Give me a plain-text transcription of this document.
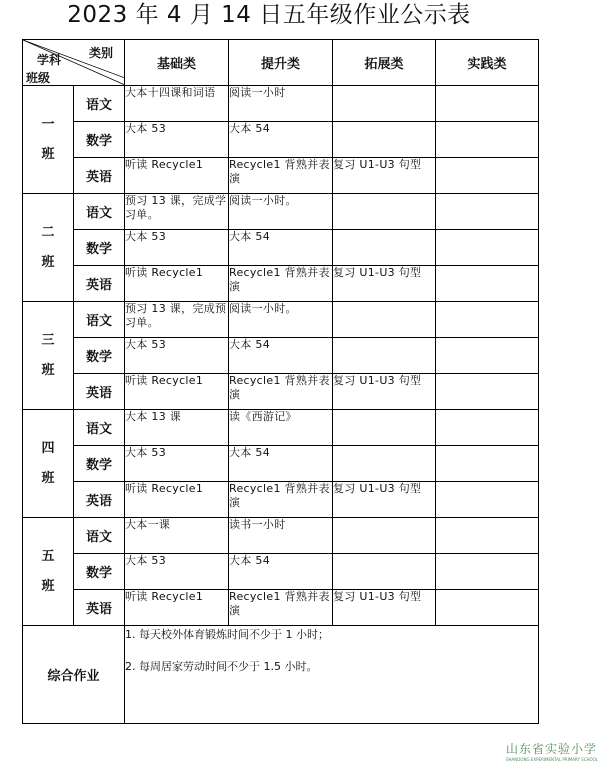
2023 年 4 月 14 日五年级作业公示表
类别
学科
班级		基础类	提升类	拓展类	实践类
一
班	语文	大本十四课和词语	阅读一小时		
	数学	大本 53	大本 54		
	英语	听读 Recycle1	Recycle1 背熟并表演	复习 U1-U3 句型	
二
班	语文	预习 13 课，完成学习单。	阅读一小时。		
	数学	大本 53	大本 54		
	英语	听读 Recycle1	Recycle1 背熟并表演	复习 U1-U3 句型	
三
班	语文	预习 13 课，完成预习单。	阅读一小时。		
	数学	大本 53	大本 54		
	英语	听读 Recycle1	Recycle1 背熟并表演	复习 U1-U3 句型	
四
班	语文	大本 13 课	读《西游记》		
	数学	大本 53	大本 54		
	英语	听读 Recycle1	Recycle1 背熟并表演	复习 U1-U3 句型	
五
班	语文	大本一课	读书一小时		
	数学	大本 53	大本 54		
	英语	听读 Recycle1	Recycle1 背熟并表演	复习 U1-U3 句型	
综合作业		1. 每天校外体育锻炼时间不少于 1 小时；

2. 每周居家劳动时间不少于 1.5 小时。			

山东省实验小学
SHANDONG EXPERIMENTAL PRIMARY SCHOOL
